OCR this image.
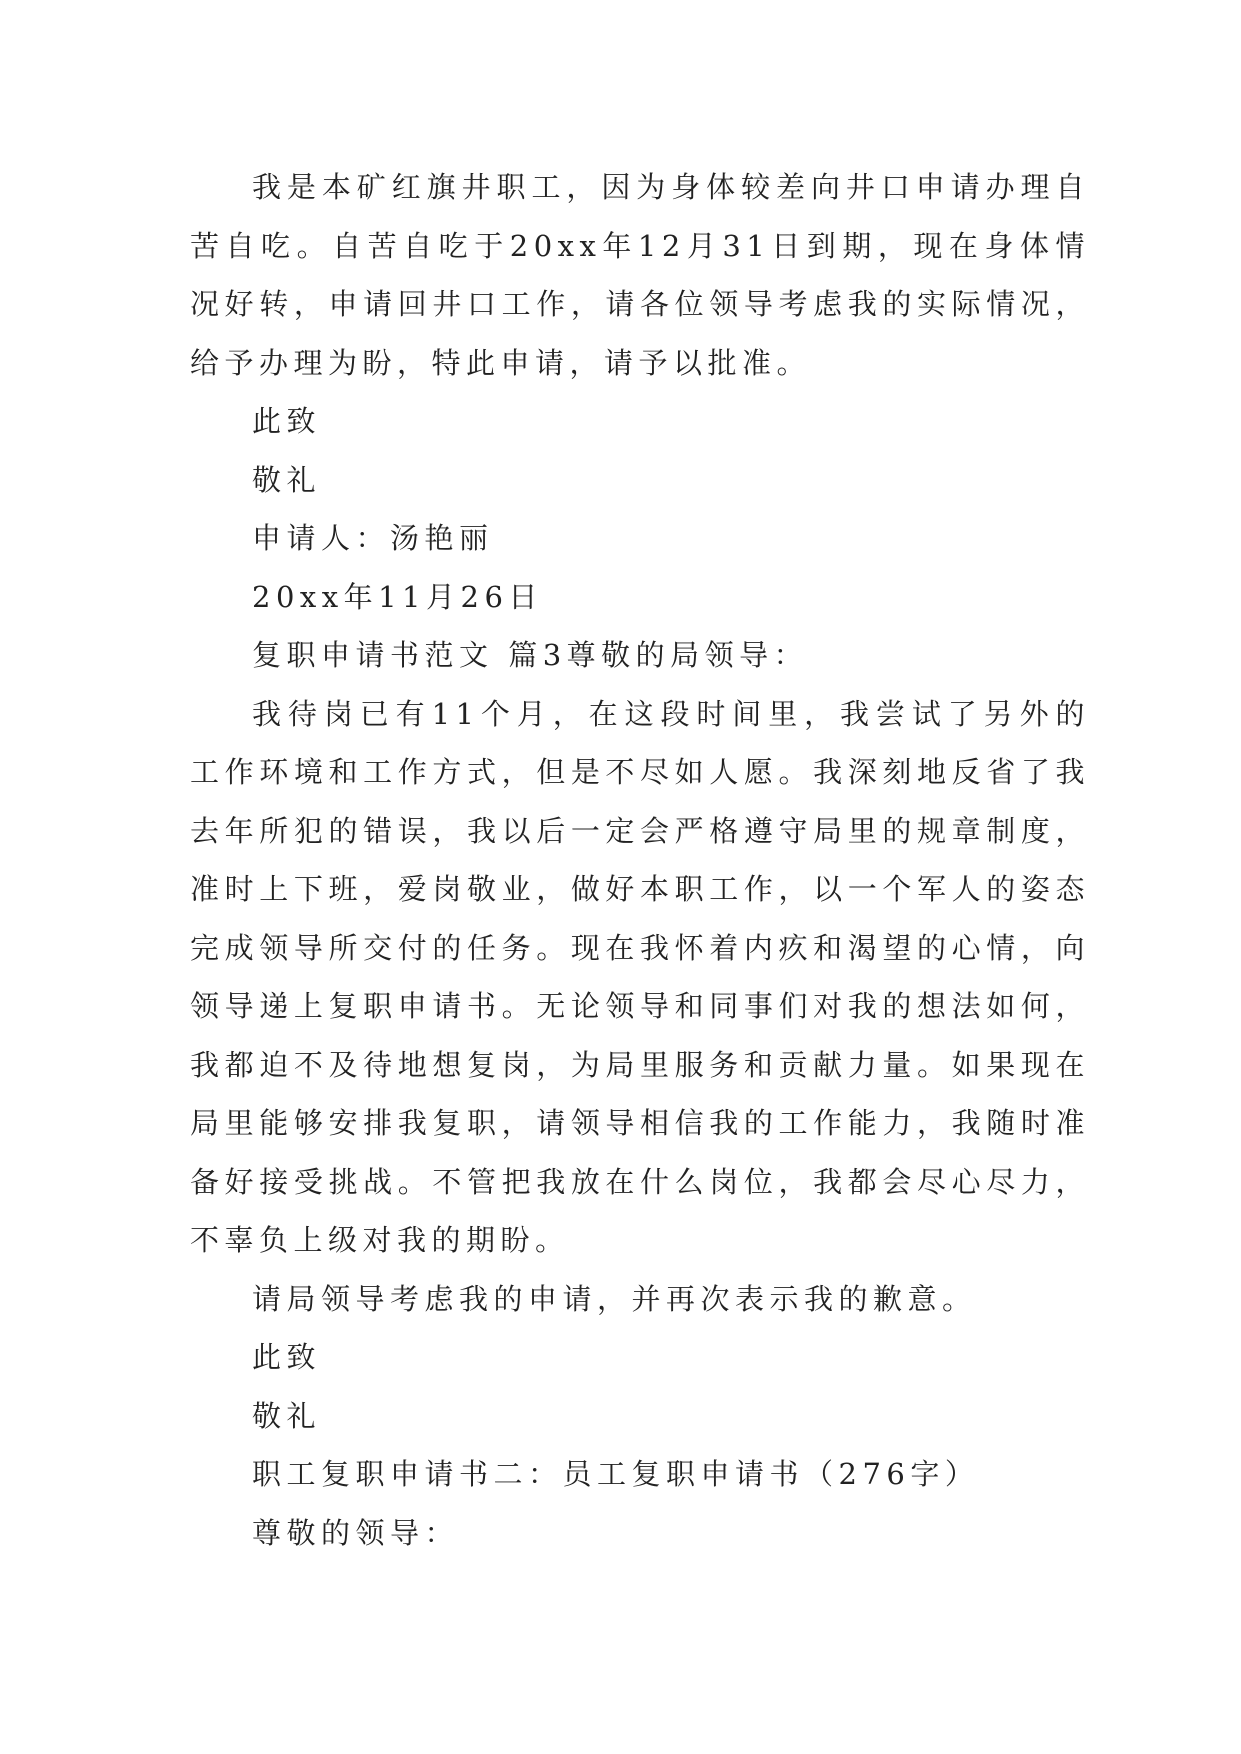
我是本矿红旗井职工，因为身体较差向井口申请办理自苦自吃。自苦自吃于20xx年12月31日到期，现在身体情况好转，申请回井口工作，请各位领导考虑我的实际情况，给予办理为盼，特此申请，请予以批准。

此致

敬礼

申请人：汤艳丽

20xx年11月26日

复职申请书范文 篇3尊敬的局领导：

我待岗已有11个月，在这段时间里，我尝试了另外的工作环境和工作方式，但是不尽如人愿。我深刻地反省了我去年所犯的错误，我以后一定会严格遵守局里的规章制度，准时上下班，爱岗敬业，做好本职工作，以一个军人的姿态完成领导所交付的任务。现在我怀着内疚和渴望的心情，向领导递上复职申请书。无论领导和同事们对我的想法如何，我都迫不及待地想复岗，为局里服务和贡献力量。如果现在局里能够安排我复职，请领导相信我的工作能力，我随时准备好接受挑战。不管把我放在什么岗位，我都会尽心尽力，不辜负上级对我的期盼。

请局领导考虑我的申请，并再次表示我的歉意。

此致

敬礼

职工复职申请书二：员工复职申请书（276字）

尊敬的领导：
